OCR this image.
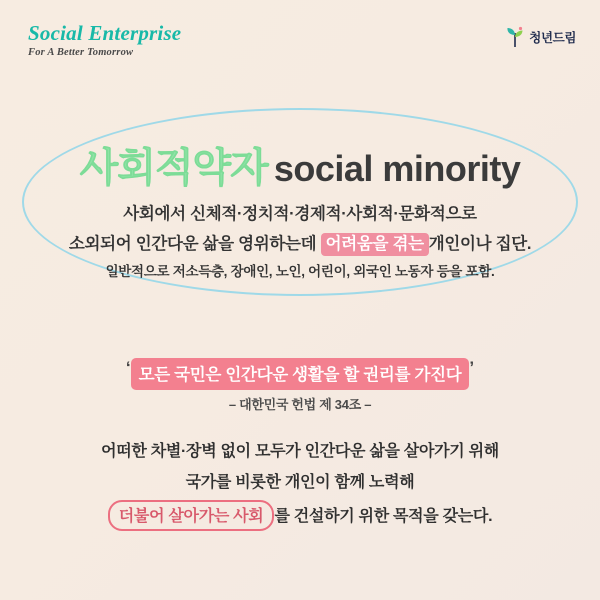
Social Enterprise
For A Better Tomorrow
청년드림
사회적약자 social minority
사회에서 신체적·정치적·경제적·사회적·문화적으로
소외되어 인간다운 삶을 영위하는데 어려움을 겪는 개인이나 집단.
일반적으로 저소득층, 장애인, 노인, 어린이, 외국인 노동자 등을 포함.
‘ 모든 국민은 인간다운 생활을 할 권리를 가진다 ’
– 대한민국 헌법 제 34조 –
어떠한 차별·장벽 없이 모두가 인간다운 삶을 살아가기 위해
국가를 비롯한 개인이 함께 노력해
더불어 살아가는 사회 를 건설하기 위한 목적을 갖는다.
